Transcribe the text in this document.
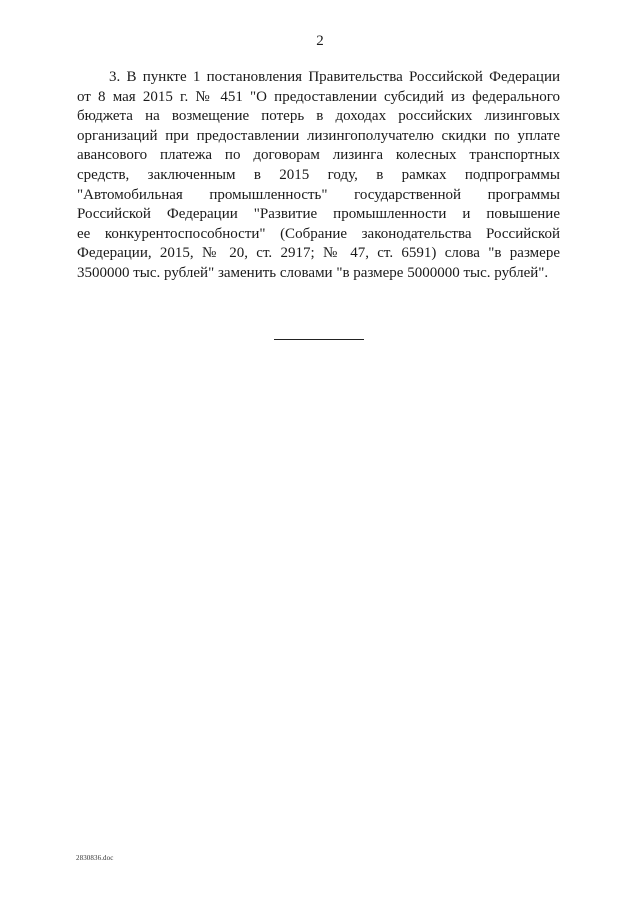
2

3. В пункте 1 постановления Правительства Российской Федерации
от 8 мая 2015 г. № 451 "О предоставлении субсидий из федерального
бюджета на возмещение потерь в доходах российских лизинговых
организаций при предоставлении лизингополучателю скидки по уплате
авансового платежа по договорам лизинга колесных транспортных
средств, заключенным в 2015 году, в рамках подпрограммы
"Автомобильная промышленность" государственной программы
Российской Федерации "Развитие промышленности и повышение
ее конкурентоспособности" (Собрание законодательства Российской
Федерации, 2015, № 20, ст. 2917; № 47, ст. 6591) слова "в размере
3500000 тыс. рублей" заменить словами "в размере 5000000 тыс. рублей".

2830836.doc
